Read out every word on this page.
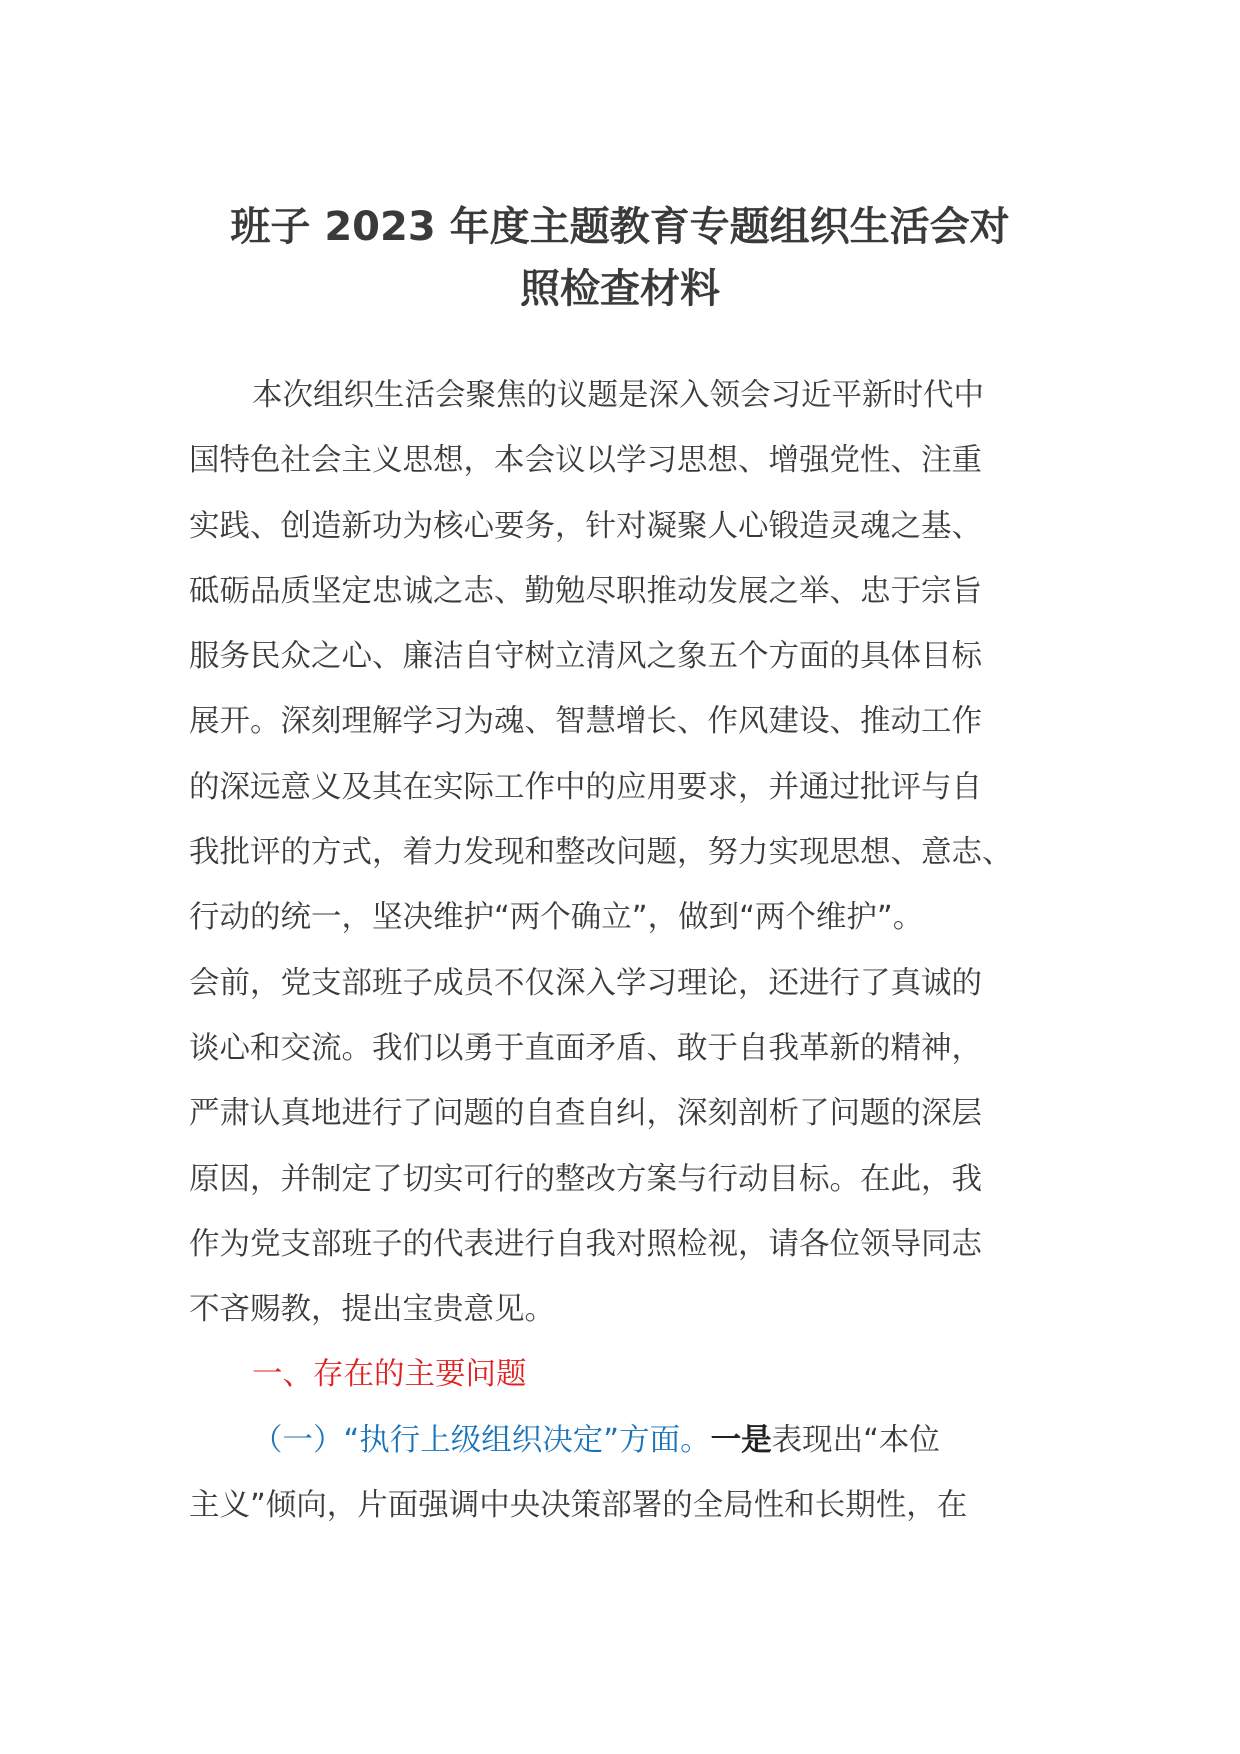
班子 2023 年度主题教育专题组织生活会对
照检查材料
本次组织生活会聚焦的议题是深入领会习近平新时代中
国特色社会主义思想，本会议以学习思想、增强党性、注重
实践、创造新功为核心要务，针对凝聚人心锻造灵魂之基、
砥砺品质坚定忠诚之志、勤勉尽职推动发展之举、忠于宗旨
服务民众之心、廉洁自守树立清风之象五个方面的具体目标
展开。深刻理解学习为魂、智慧增长、作风建设、推动工作
的深远意义及其在实际工作中的应用要求，并通过批评与自
我批评的方式，着力发现和整改问题，努力实现思想、意志、
行动的统一，坚决维护“两个确立”，做到“两个维护”。
会前，党支部班子成员不仅深入学习理论，还进行了真诚的
谈心和交流。我们以勇于直面矛盾、敢于自我革新的精神，
严肃认真地进行了问题的自查自纠，深刻剖析了问题的深层
原因，并制定了切实可行的整改方案与行动目标。在此，我
作为党支部班子的代表进行自我对照检视，请各位领导同志
不吝赐教，提出宝贵意见。
一、存在的主要问题
（一）“执行上级组织决定”方面。一是表现出“本位
主义”倾向，片面强调中央决策部署的全局性和长期性，在
